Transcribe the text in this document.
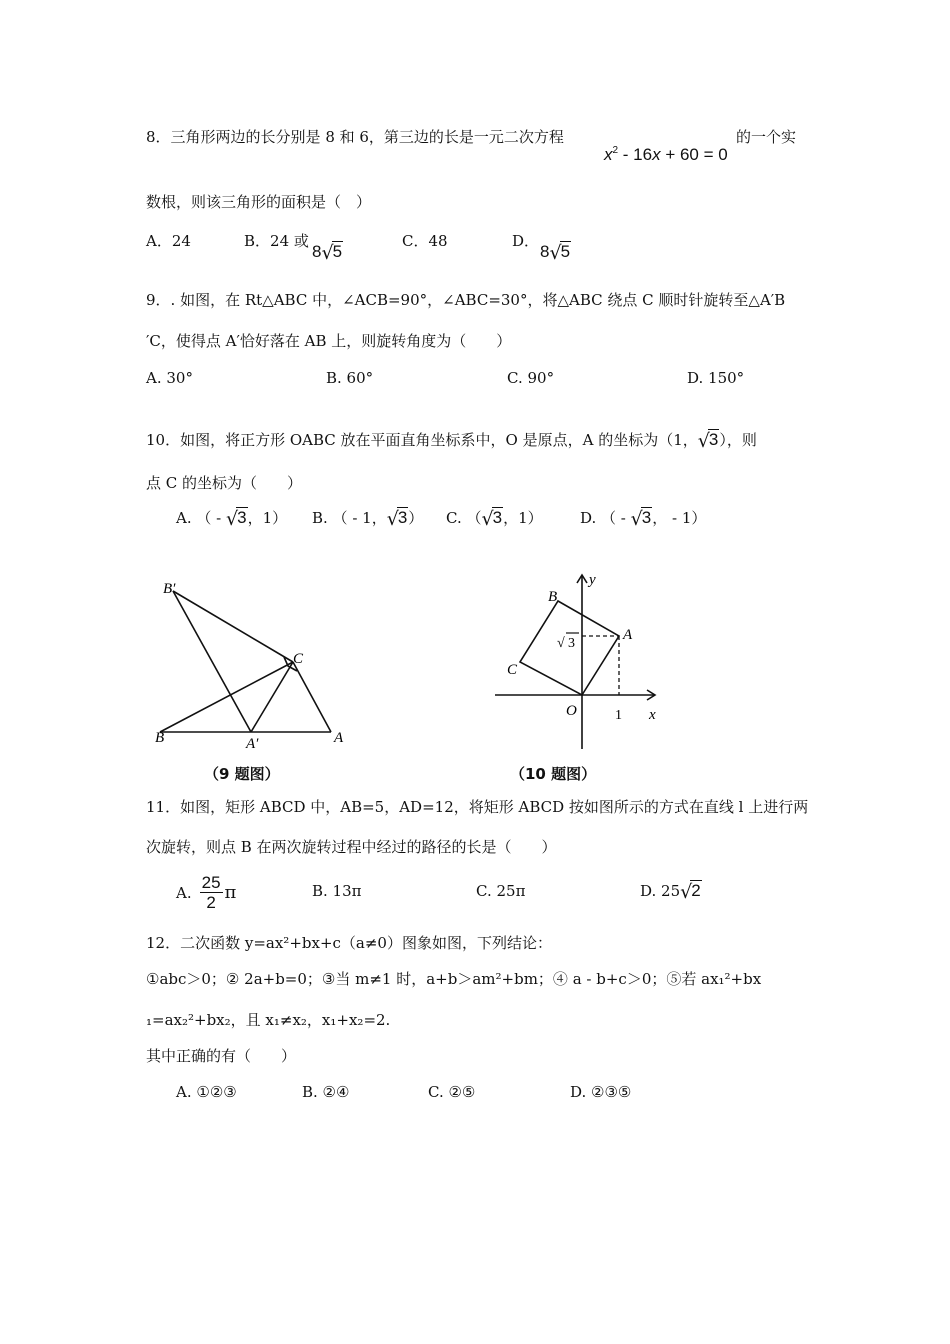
8．三角形两边的长分别是 8 和 6，第三边的长是一元二次方程
$x^2 - 16x + 60 = 0$
的一个实
数根，则该三角形的面积是（　）
A．24	B．24 或
8√5
C．48	D．
8√5
9．. 如图，在 Rt△ABC 中，∠ACB=90°，∠ABC=30°，将△ABC 绕点 C 顺时针旋转至△A′B
′C，使得点 A′恰好落在 AB 上，则旋转角度为（　　）
A. 30°	B. 60°	C. 90°	D. 150°
10．如图，将正方形 OABC 放在平面直角坐标系中，O 是原点，A 的坐标为（1，√3），则
点 C 的坐标为（　　）
A. （ - √3，1） B. （ - 1，√3） C. （√3，1） D. （ - √3， - 1）
B′
C
B	A′	A
（9 题图）
y
B
√ 3
A
C
O	1 x
（10 题图）
11．如图，矩形 ABCD 中，AB=5，AD=12，将矩形 ABCD 按如图所示的方式在直线 l 上进行两
次旋转，则点 B 在两次旋转过程中经过的路径的长是（　　）
A. $\frac{25}{2}$ π	B. 13π	C. 25π	D. 25√2
12．二次函数 y=ax²+bx+c（a≠0）图象如图，下列结论：
①abc＞0；② 2a+b=0；③当 m≠1 时，a+b＞am²+bm；④ a - b+c＞0；⑤若 ax₁²+bx
₁=ax₂²+bx₂，且 x₁≠x₂，x₁+x₂=2.
其中正确的有（　　）
A. ①②③	B. ②④	C. ②⑤	D. ②③⑤
